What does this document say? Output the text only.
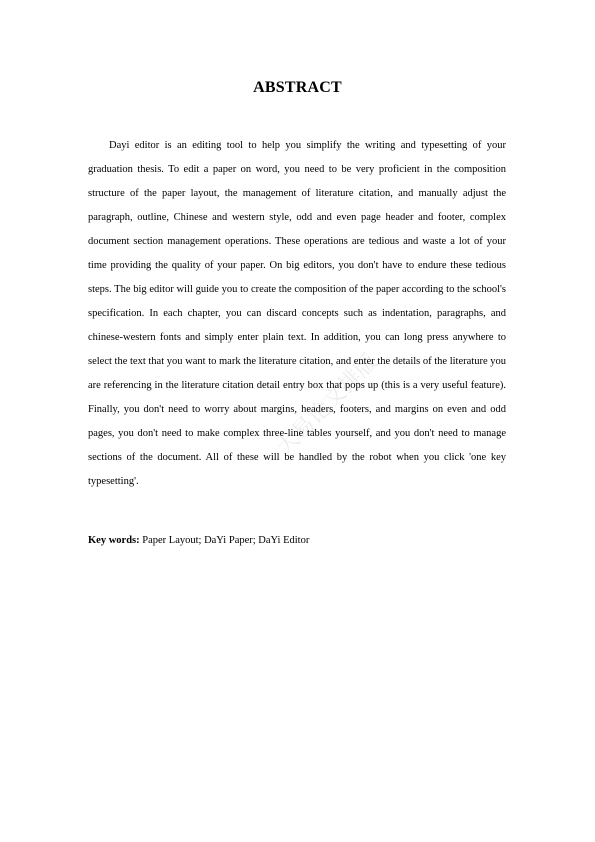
ABSTRACT

Dayi editor is an editing tool to help you simplify the writing and typesetting of your graduation thesis. To edit a paper on word, you need to be very proficient in the composition structure of the paper layout, the management of literature citation, and manually adjust the paragraph, outline, Chinese and western style, odd and even page header and footer, complex document section management operations. These operations are tedious and waste a lot of your time providing the quality of your paper. On big editors, you don't have to endure these tedious steps. The big editor will guide you to create the composition of the paper according to the school's specification. In each chapter, you can discard concepts such as indentation, paragraphs, and chinese-western fonts and simply enter plain text. In addition, you can long press anywhere to select the text that you want to mark the literature citation, and enter the details of the literature you are referencing in the literature citation detail entry box that pops up (this is a very useful feature). Finally, you don't need to worry about margins, headers, footers, and margins on even and odd pages, you don't need to make complex three-line tables yourself, and you don't need to manage sections of the document. All of these will be handled by the robot when you click 'one key typesetting'.

Key words: Paper Layout; DaYi Paper; DaYi Editor

大易论文排版
